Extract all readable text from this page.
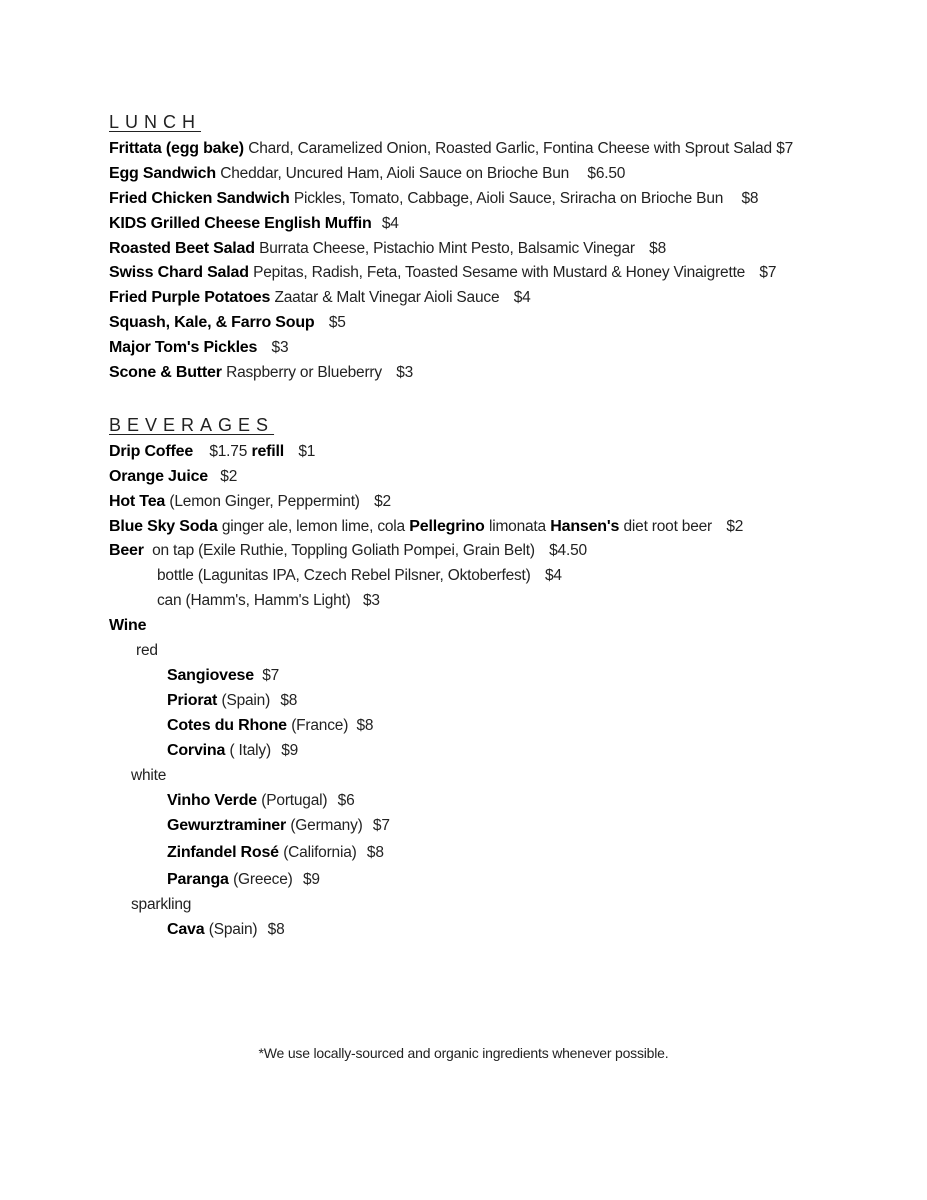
LUNCH
Frittata (egg bake) Chard, Caramelized Onion, Roasted Garlic, Fontina Cheese with Sprout Salad $7
Egg Sandwich Cheddar, Uncured Ham, Aioli Sauce on Brioche Bun $6.50
Fried Chicken Sandwich Pickles, Tomato, Cabbage, Aioli Sauce, Sriracha on Brioche Bun $8
KIDS Grilled Cheese English Muffin $4
Roasted Beet Salad Burrata Cheese, Pistachio Mint Pesto, Balsamic Vinegar $8
Swiss Chard Salad Pepitas, Radish, Feta, Toasted Sesame with Mustard & Honey Vinaigrette $7
Fried Purple Potatoes Zaatar & Malt Vinegar Aioli Sauce $4
Squash, Kale, & Farro Soup $5
Major Tom's Pickles $3
Scone & Butter Raspberry or Blueberry $3
BEVERAGES
Drip Coffee $1.75 refill $1
Orange Juice $2
Hot Tea (Lemon Ginger, Peppermint) $2
Blue Sky Soda ginger ale, lemon lime, cola Pellegrino limonata Hansen's diet root beer $2
Beer on tap (Exile Ruthie, Toppling Goliath Pompei, Grain Belt) $4.50
bottle (Lagunitas IPA, Czech Rebel Pilsner, Oktoberfest) $4
can (Hamm's, Hamm's Light) $3
Wine
red
Sangiovese $7
Priorat (Spain) $8
Cotes du Rhone (France) $8
Corvina ( Italy) $9
white
Vinho Verde (Portugal) $6
Gewurztraminer (Germany) $7
Zinfandel Rosé (California) $8
Paranga (Greece) $9
sparkling
Cava (Spain) $8
*We use locally-sourced and organic ingredients whenever possible.
